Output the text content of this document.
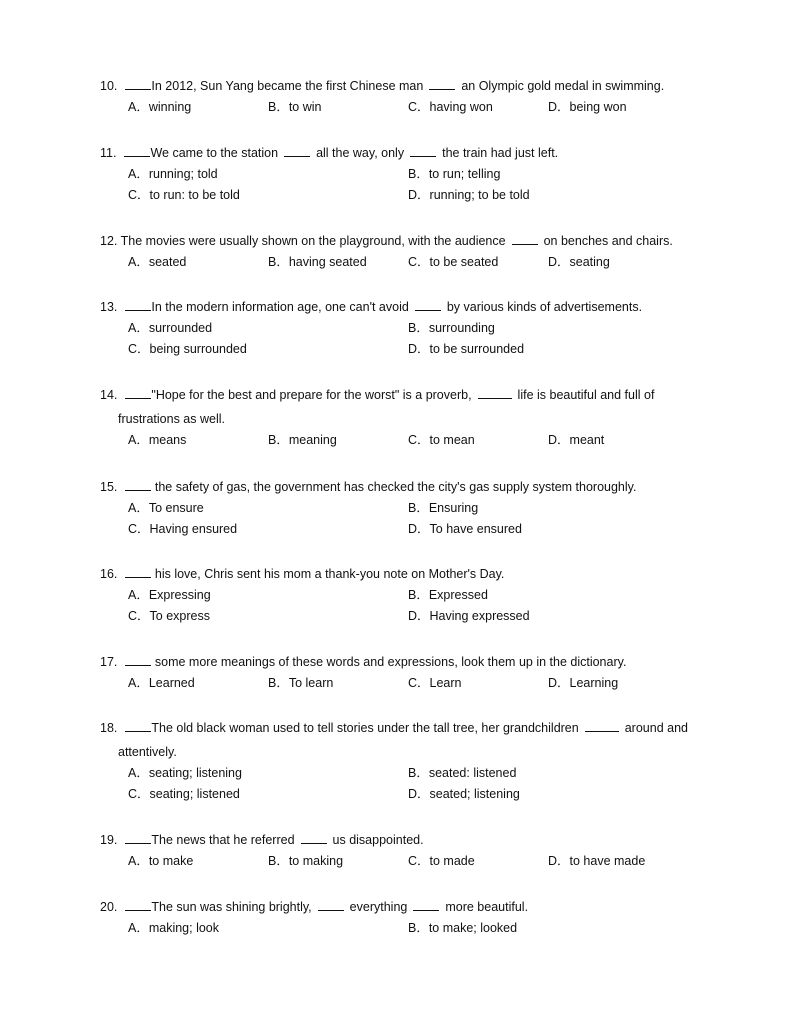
10.	In 2012, Sun Yang became the first Chinese man	an Olympic gold medal in swimming.
A．winning	B．to win	C．having won	D．being won
11.	We came to the station	all the way, only	the train had just left.
A．running; told	B．to run; telling
C．to run: to be told	D．running; to be told
12. The movies were usually shown on the playground, with the audience	on benches and chairs.
A．seated	B．having seated	C．to be seated	D．seating
13.	In the modern information age, one can't avoid	by various kinds of advertisements.
A．surrounded	B．surrounding
C．being surrounded	D．to be surrounded
14.	"Hope for the best and prepare for the worst" is a proverb,	life is beautiful and full of
frustrations as well.
A．means	B．meaning	C．to mean	D．meant
15.	the safety of gas, the government has checked the city's gas supply system thoroughly.
A．To ensure	B．Ensuring
C．Having ensured	D．To have ensured
16.	his love, Chris sent his mom a thank-you note on Mother's Day.
A．Expressing	B．Expressed
C．To express	D．Having expressed
17.	some more meanings of these words and expressions, look them up in the dictionary.
A．Learned	B．To learn	C．Learn	D．Learning
18.	The old black woman used to tell stories under the tall tree, her grandchildren	around and
attentively.
A．seating; listening	B．seated: listened
C．seating; listened	D．seated; listening
19.	The news that he referred	us disappointed.
A．to make	B．to making	C．to made	D．to have made
20.	The sun was shining brightly,	everything	more beautiful.
A．making; look	B．to make; looked
